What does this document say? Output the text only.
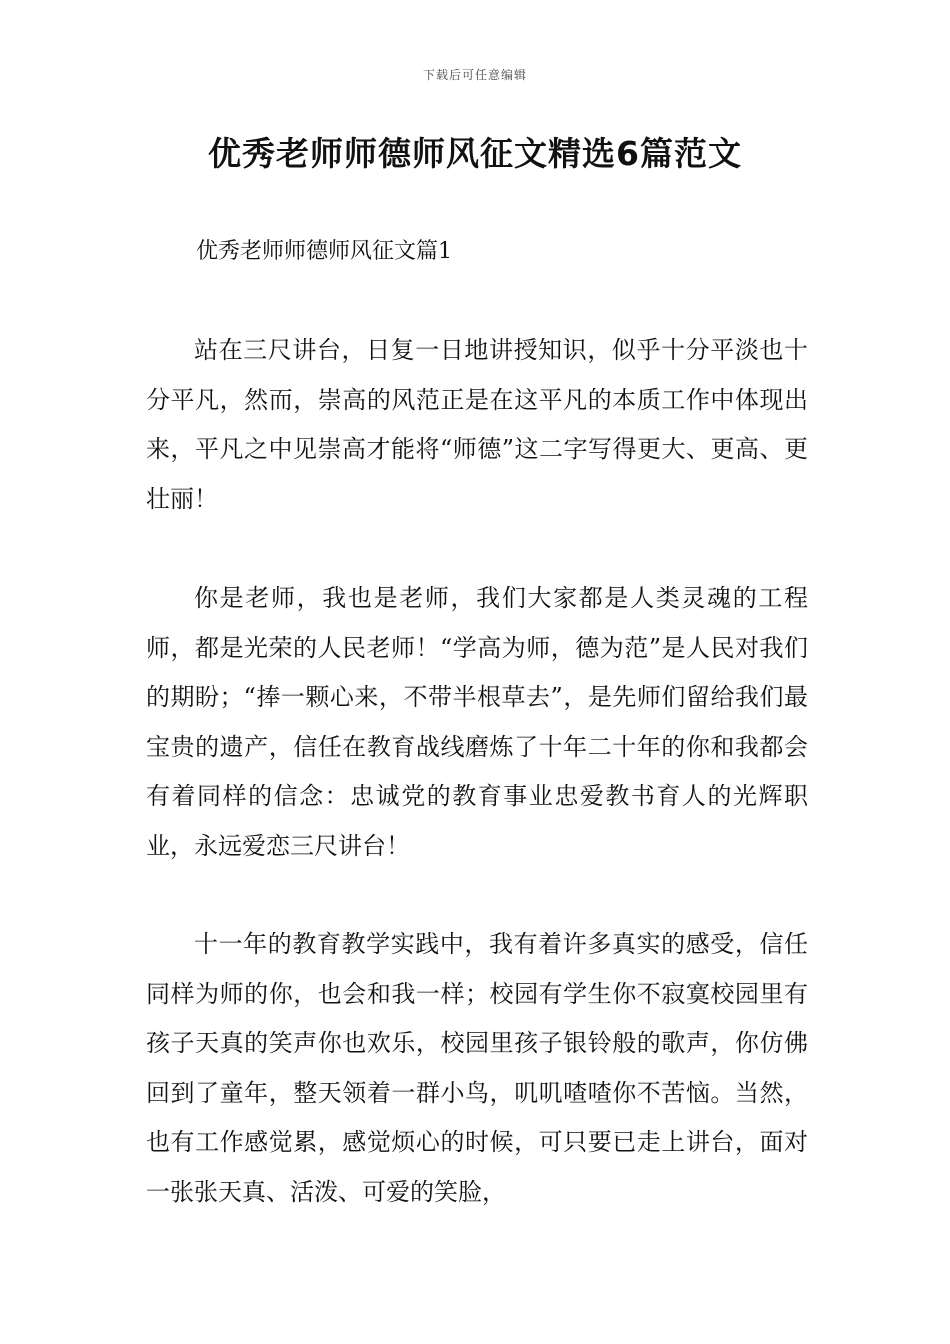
下载后可任意编辑
优秀老师师德师风征文精选6篇范文
优秀老师师德师风征文篇1

站在三尺讲台，日复一日地讲授知识，似乎十分平淡也十分平凡，然而，崇高的风范正是在这平凡的本质工作中体现出来，平凡之中见崇高才能将“师德”这二字写得更大、更高、更壮丽！

你是老师，我也是老师，我们大家都是人类灵魂的工程师，都是光荣的人民老师！“学高为师，德为范”是人民对我们的期盼；“捧一颗心来，不带半根草去”，是先师们留给我们最宝贵的遗产，信任在教育战线磨炼了十年二十年的你和我都会有着同样的信念：忠诚党的教育事业忠爱教书育人的光辉职业，永远爱恋三尺讲台！

十一年的教育教学实践中，我有着许多真实的感受，信任同样为师的你，也会和我一样；校园有学生你不寂寞校园里有孩子天真的笑声你也欢乐，校园里孩子银铃般的歌声，你仿佛回到了童年，整天领着一群小鸟，叽叽喳喳你不苦恼。当然，也有工作感觉累，感觉烦心的时候，可只要已走上讲台，面对一张张天真、活泼、可爱的笑脸，
